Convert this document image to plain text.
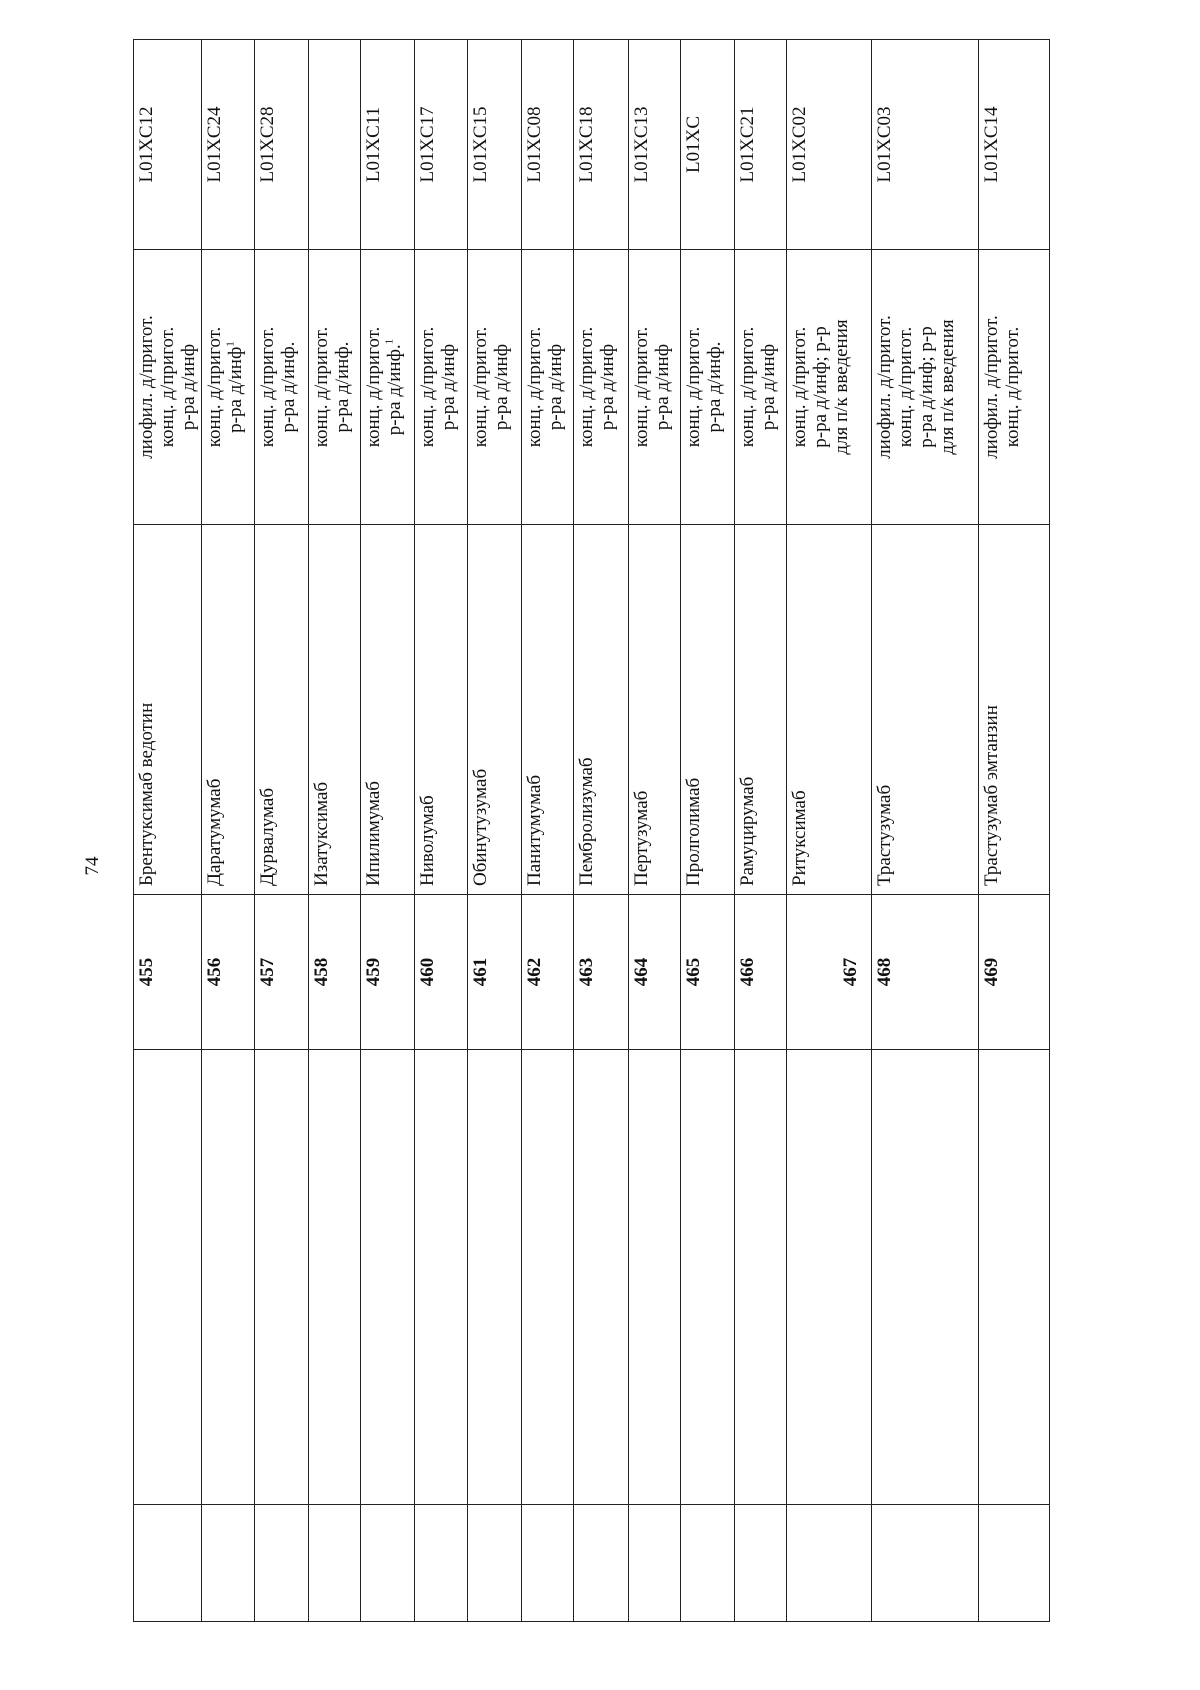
74
		455	Брентуксимаб ведотин	лиофил. д/пригот. конц. д/пригот. р-ра д/инф	L01XC12
		456	Даратумумаб	конц. д/пригот. р-ра д/инф$^1$	L01XC24
		457	Дурвалумаб	конц. д/пригот. р-ра д/инф.	L01XC28
		458	Изатуксимаб	конц. д/пригот. р-ра д/инф.	

		459	Ипилимумаб	конц. д/пригот. р-ра д/инф.$^1$	L01XC11
		460	Ниволумаб	конц. д/пригот. р-ра д/инф	L01XC17
		461	Обинутузумаб	конц. д/пригот. р-ра д/инф	L01XC15
		462	Панитумумаб	конц. д/пригот. р-ра д/инф	L01XC08
		463	Пембролизумаб	конц. д/пригот. р-ра д/инф	L01XC18
		464	Пертузумаб	конц. д/пригот. р-ра д/инф	L01XC13
		465	Пролголимаб	конц. д/пригот. р-ра д/инф.	L01XC
		466	Рамуцирумаб	конц. д/пригот. р-ра д/инф	L01XC21
		467	Ритуксимаб	конц. д/пригот. р-ра д/инф; р-р для п/к введения	L01XC02
		468	Трастузумаб	лиофил. д/пригот. конц. д/пригот. р-ра д/инф; р-р для п/к введения	L01XC03
		469	Трастузумаб эмтанзин	лиофил. д/пригот. конц. д/пригот.	L01XC14
